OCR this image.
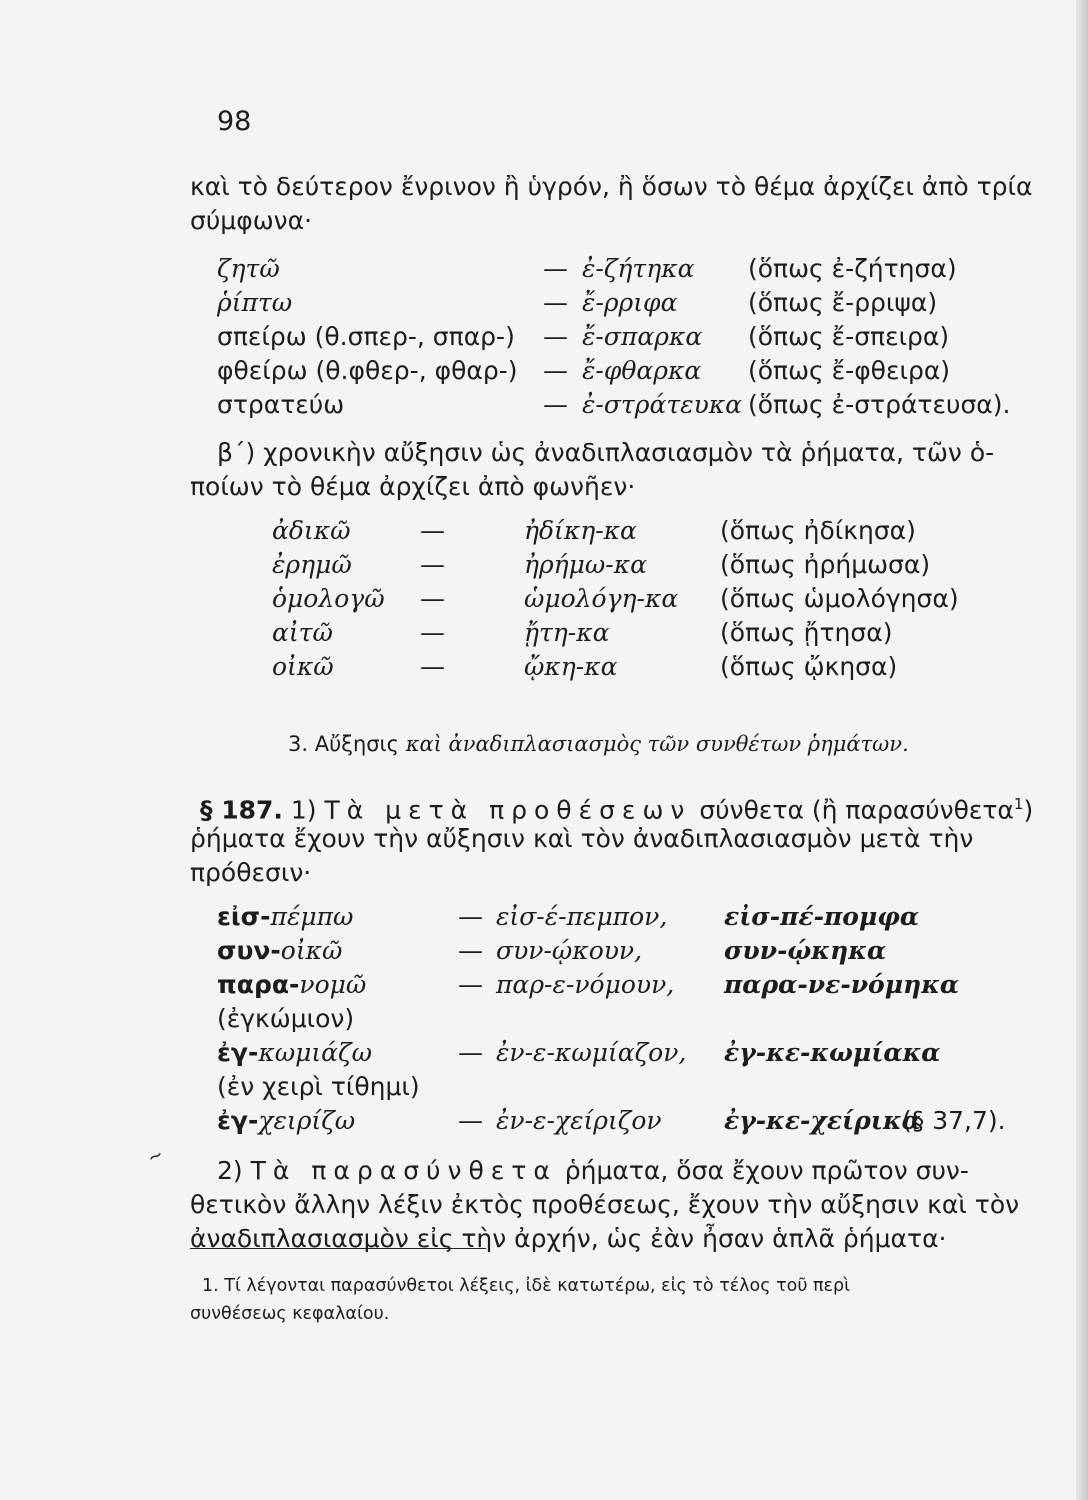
98
καὶ τὸ δεύτερον ἔνρινον ἢ ὑγρόν, ἢ ὅσων τὸ θέμα ἀρχίζει ἀπὸ τρία
σύμφωνα·
ζητῶ	— ἐ-ζήτηκα (ὅπως ἐ-ζήτησα)
ῥίπτω	— ἔ-ρριφα	(ὅπως ἔ-ρριψα)
σπείρω (θ.σπερ-, σπαρ-) — ἔ-σπαρκα (ὅπως ἔ-σπειρα)
φθείρω (θ.φθερ-, φθαρ-) — ἔ-φθαρκα (ὅπως ἔ-φθειρα)
στρατεύω	— ἐ-στράτευκα (ὅπως ἐ-στράτευσα).
β΄) χρονικὴν αὔξησιν ὡς ἀναδιπλασιασμὸν τὰ ῥήματα, τῶν ὁ-
ποίων τὸ θέμα ἀρχίζει ἀπὸ φωνῆεν·
ἀδικῶ	—	ἠδίκη-κα	(ὅπως ἠδίκησα)
ἐρημῶ	—	ἠρήμω-κα	(ὅπως ἠρήμωσα)
ὁμολογῶ —	ὡμολόγη-κα (ὅπως ὡμολόγησα)
αἰτῶ	—	ᾔτη-κα	(ὅπως ᾔτησα)
οἰκῶ	—	ᾤκη-κα	(ὅπως ᾤκησα)
3. Αὔξησις καὶ ἀναδιπλασιασμὸς τῶν συνθέτων ῥημάτων.
§ 187. 1) Τὰ μετὰ προθέσεων σύνθετα (ἢ παρασύνθετα$^1$)
ῥήματα ἔχουν τὴν αὔξησιν καὶ τὸν ἀναδιπλασιασμὸν μετὰ τὴν
πρόθεσιν·
εἰσ-πέμπω	— εἰσ-έ-πεμπον, εἰσ-πέ-πομφα
συν-οἰκῶ	— συν-ῴκουν,	συν-ῴκηκα
παρα-νομῶ	— παρ-ε-νόμουν, παρα-νε-νόμηκα
(ἐγκώμιον)
ἐγ-κωμιάζω	— ἐν-ε-κωμίαζον, ἐγ-κε-κωμίακα
(ἐν χειρὶ τίθημι)
ἐγ-χειρίζω	— ἐν-ε-χείριζον ἐγ-κε-χείρικα
(§ 37,7).
~ 2) Τὰ παρασύνθετα ῥήματα, ὅσα ἔχουν πρῶτον συν-
θετικὸν ἄλλην λέξιν ἐκτὸς προθέσεως, ἔχουν τὴν αὔξησιν καὶ τὸν
ἀναδιπλασιασμὸν εἰς τὴν ἀρχήν, ὡς ἐὰν ἦσαν ἁπλᾶ ῥήματα·
1. Τί λέγονται παρασύνθετοι λέξεις, ἰδὲ κατωτέρω, εἰς τὸ τέλος τοῦ περὶ
συνθέσεως κεφαλαίου.
